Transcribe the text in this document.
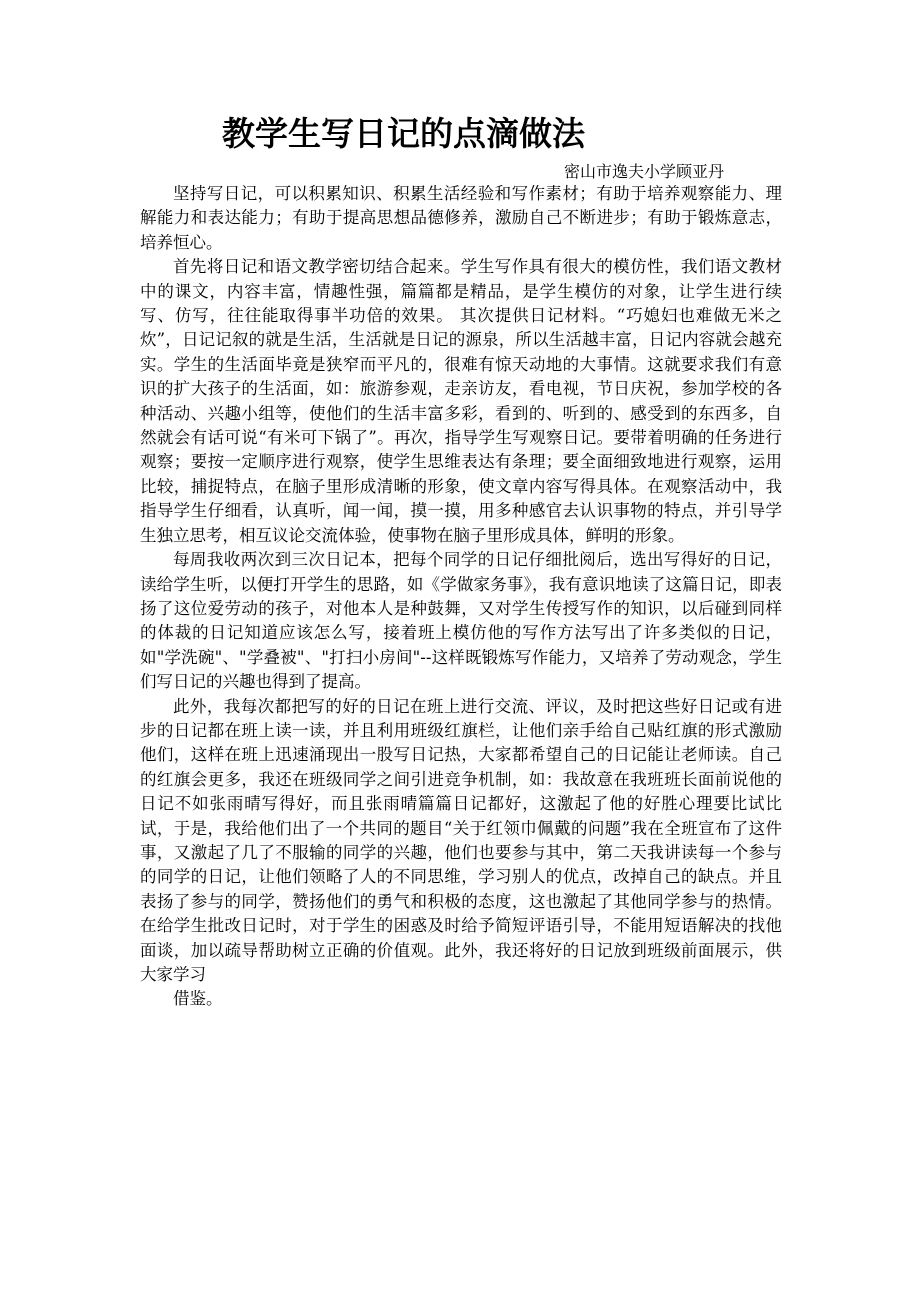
教学生写日记的点滴做法
密山市逸夫小学顾亚丹

坚持写日记，可以积累知识、积累生活经验和写作素材；有助于培养观察能力、理解能力和表达能力；有助于提高思想品德修养，激励自己不断进步；有助于锻炼意志，培养恒心。

首先将日记和语文教学密切结合起来。学生写作具有很大的模仿性，我们语文教材中的课文，内容丰富，情趣性强，篇篇都是精品，是学生模仿的对象，让学生进行续写、仿写，往往能取得事半功倍的效果。 其次提供日记材料。“巧媳妇也难做无米之炊”，日记记叙的就是生活，生活就是日记的源泉，所以生活越丰富，日记内容就会越充实。学生的生活面毕竟是狭窄而平凡的，很难有惊天动地的大事情。这就要求我们有意识的扩大孩子的生活面，如：旅游参观，走亲访友，看电视，节日庆祝，参加学校的各种活动、兴趣小组等，使他们的生活丰富多彩，看到的、听到的、感受到的东西多，自然就会有话可说“有米可下锅了”。再次，指导学生写观察日记。要带着明确的任务进行观察；要按一定顺序进行观察，使学生思维表达有条理；要全面细致地进行观察，运用比较，捕捉特点，在脑子里形成清晰的形象，使文章内容写得具体。在观察活动中，我指导学生仔细看，认真听，闻一闻，摸一摸，用多种感官去认识事物的特点，并引导学生独立思考，相互议论交流体验，使事物在脑子里形成具体，鲜明的形象。

每周我收两次到三次日记本，把每个同学的日记仔细批阅后，选出写得好的日记，读给学生听，以便打开学生的思路，如《学做家务事》，我有意识地读了这篇日记，即表扬了这位爱劳动的孩子，对他本人是种鼓舞，又对学生传授写作的知识，以后碰到同样的体裁的日记知道应该怎么写，接着班上模仿他的写作方法写出了许多类似的日记，如"学洗碗"、"学叠被"、"打扫小房间"--这样既锻炼写作能力，又培养了劳动观念，学生们写日记的兴趣也得到了提高。

此外，我每次都把写的好的日记在班上进行交流、评议，及时把这些好日记或有进步的日记都在班上读一读，并且利用班级红旗栏，让他们亲手给自己贴红旗的形式激励他们，这样在班上迅速涌现出一股写日记热，大家都希望自己的日记能让老师读。自己的红旗会更多，我还在班级同学之间引进竞争机制，如：我故意在我班班长面前说他的日记不如张雨晴写得好，而且张雨晴篇篇日记都好，这激起了他的好胜心理要比试比试，于是，我给他们出了一个共同的题目“关于红领巾佩戴的问题”我在全班宣布了这件事，又激起了几了不服输的同学的兴趣，他们也要参与其中，第二天我讲读每一个参与的同学的日记，让他们领略了人的不同思维，学习别人的优点，改掉自己的缺点。并且表扬了参与的同学，赞扬他们的勇气和积极的态度，这也激起了其他同学参与的热情。在给学生批改日记时，对于学生的困惑及时给予简短评语引导，不能用短语解决的找他面谈，加以疏导帮助树立正确的价值观。此外，我还将好的日记放到班级前面展示，供大家学习

借鉴。
